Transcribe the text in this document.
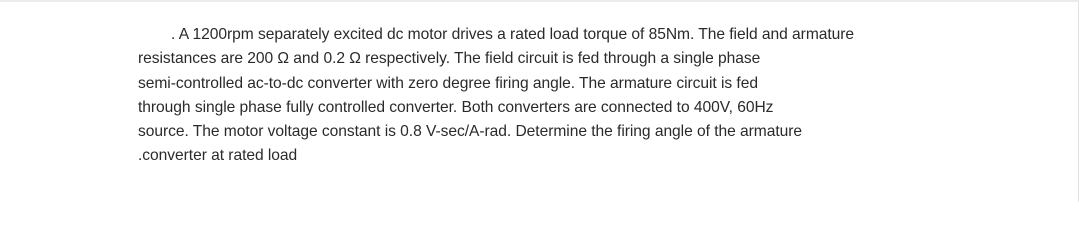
. A 1200rpm separately excited dc motor drives a rated load torque of 85Nm. The field and armature
resistances are 200 Ω and 0.2 Ω respectively. The field circuit is fed through a single phase
semi-controlled ac-to-dc converter with zero degree firing angle. The armature circuit is fed
through single phase fully controlled converter. Both converters are connected to 400V, 60Hz
source. The motor voltage constant is 0.8 V-sec/A-rad. Determine the firing angle of the armature
.converter at rated load
